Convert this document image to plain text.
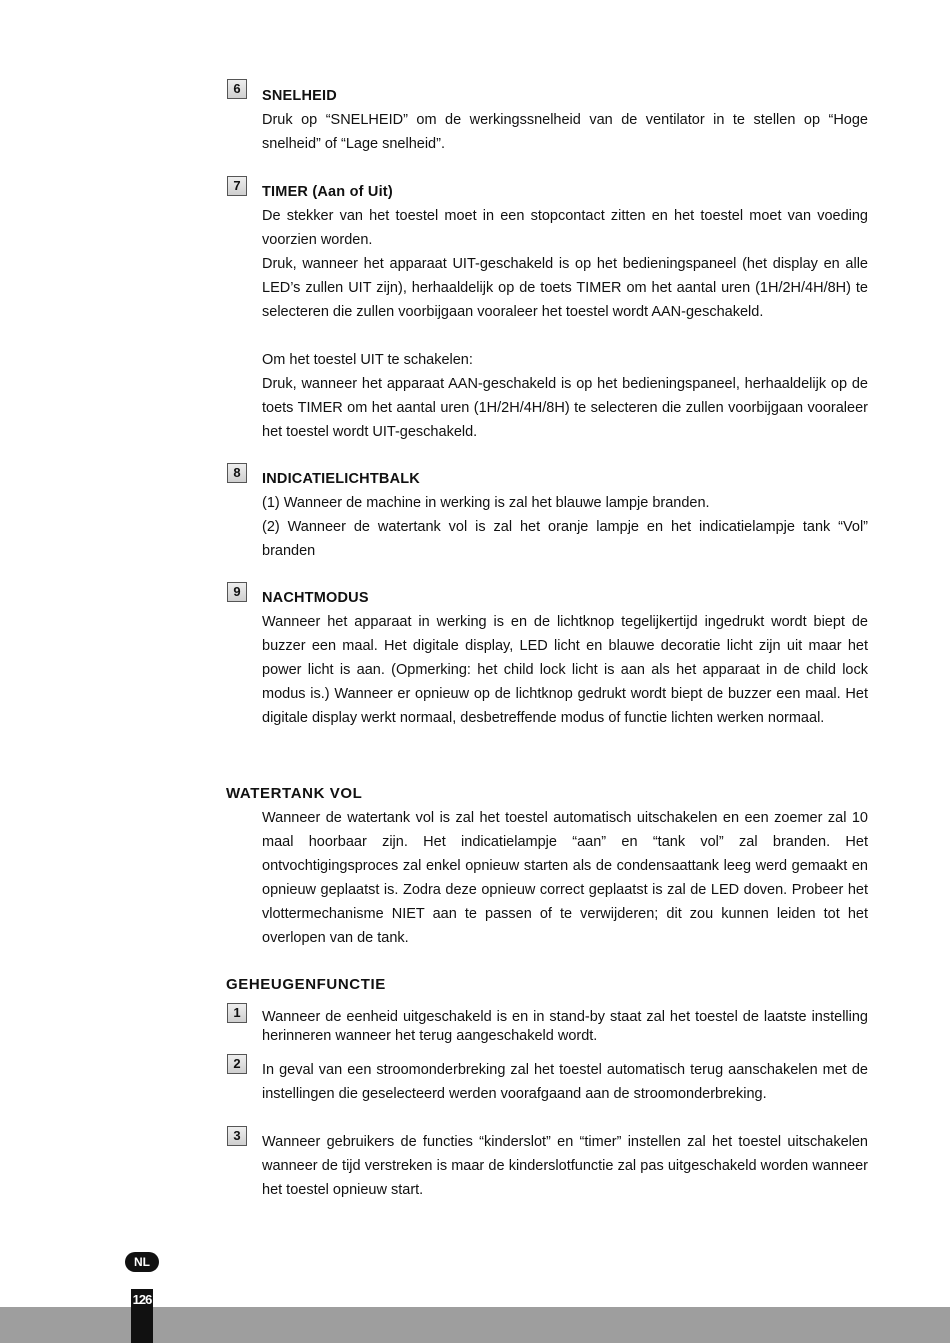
6	SNELHEID

Druk op “SNELHEID” om de werkingssnelheid van de ventilator in te stellen op “Hoge snelheid” of “Lage snelheid”.

7	TIMER (Aan of Uit)

De stekker van het toestel moet in een stopcontact zitten en het toestel moet van voeding voorzien worden.

Druk, wanneer het apparaat UIT-geschakeld is op het bedieningspaneel (het display en alle LED’s zullen UIT zijn), herhaaldelijk op de toets TIMER om het aantal uren (1H/2H/4H/8H) te selecteren die zullen voorbijgaan vooraleer het toestel wordt AAN-geschakeld.

Om het toestel UIT te schakelen:

Druk, wanneer het apparaat AAN-geschakeld is op het bedieningspaneel, herhaaldelijk op de toets TIMER om het aantal uren (1H/2H/4H/8H) te selecteren die zullen voorbijgaan vooraleer het toestel wordt UIT-geschakeld.

8	INDICATIELICHTBALK

(1) Wanneer de machine in werking is zal het blauwe lampje branden.

(2) Wanneer de watertank vol is zal het oranje lampje en het indicatielampje tank “Vol” branden

9	NACHTMODUS

Wanneer het apparaat in werking is en de lichtknop tegelijkertijd ingedrukt wordt biept de buzzer een maal. Het digitale display, LED licht en blauwe decoratie licht zijn uit maar het power licht is aan. (Opmerking: het child lock licht is aan als het apparaat in de child lock modus is.) Wanneer er opnieuw op de lichtknop gedrukt wordt biept de buzzer een maal. Het digitale display werkt normaal, desbetreffende modus of functie lichten werken normaal.

WATERTANK VOL

Wanneer de watertank vol is zal het toestel automatisch uitschakelen en een zoemer zal 10 maal hoorbaar zijn. Het indicatielampje “aan” en “tank vol” zal branden. Het ontvochtigingsproces zal enkel opnieuw starten als de condensaattank leeg werd gemaakt en opnieuw geplaatst is. Zodra deze opnieuw correct geplaatst is zal de LED doven. Probeer het vlottermechanisme NIET aan te passen of te verwijderen; dit zou kunnen leiden tot het overlopen van de tank.

GEHEUGENFUNCTIE
1	Wanneer de eenheid uitgeschakeld is en in stand-by staat zal het toestel de laatste instelling herinneren wanneer het terug aangeschakeld wordt.

2	In geval van een stroomonderbreking zal het toestel automatisch terug aanschakelen met de instellingen die geselecteerd werden voorafgaand aan de stroomonderbreking.

3	Wanneer gebruikers de functies “kinderslot” en “timer” instellen zal het toestel uitschakelen wanneer de tijd verstreken is maar de kinderslotfunctie zal pas uitgeschakeld worden wanneer het toestel opnieuw start.

NL
126
